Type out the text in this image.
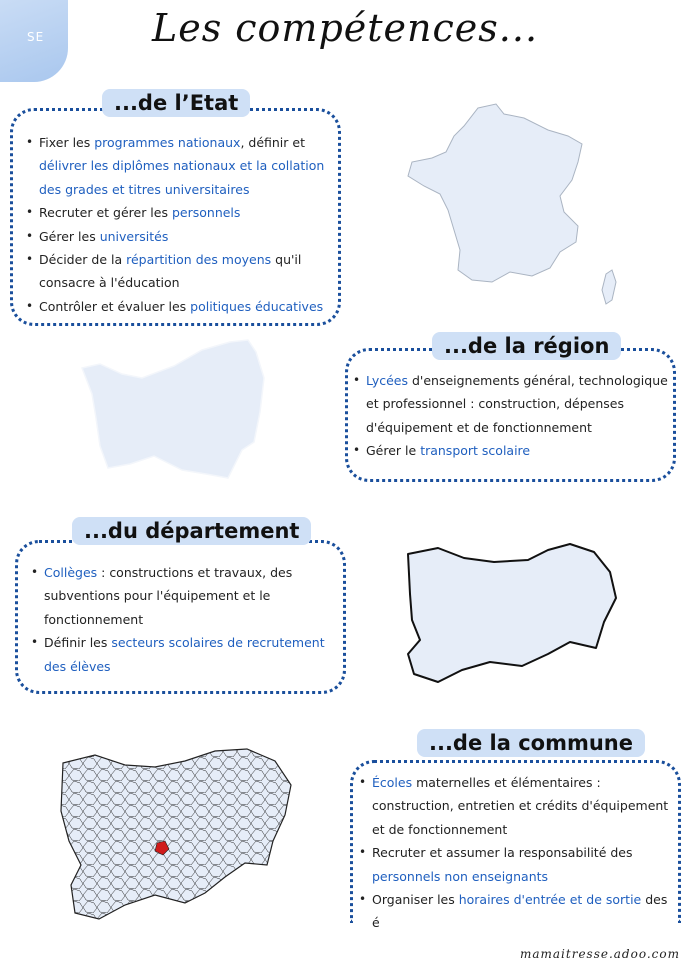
SE	Les compétences...
• Fixer les programmes nationaux, définir et délivrer les diplômes nationaux et la collation des grades et titres universitaires
• Recruter et gérer les personnels
• Gérer les universités
• Décider de la répartition des moyens qu'il consacre à l'éducation
• Contrôler et évaluer les politiques éducatives
...de l’Etat
• Lycées d'enseignements général, technologique et professionnel : construction, dépenses d'équipement et de fonctionnement
• Gérer le transport scolaire
...de la région
• Collèges : constructions et travaux, des subventions pour l'équipement et le fonctionnement
• Définir les secteurs scolaires de recrutement des élèves
...du département
• Écoles maternelles et élémentaires : construction, entretien et crédits d'équipement et de fonctionnement
• Recruter et assumer la responsabilité des personnels non enseignants
• Organiser les horaires d'entrée et de sortie des é
...de la commune
mamaitresse.adoo.com
